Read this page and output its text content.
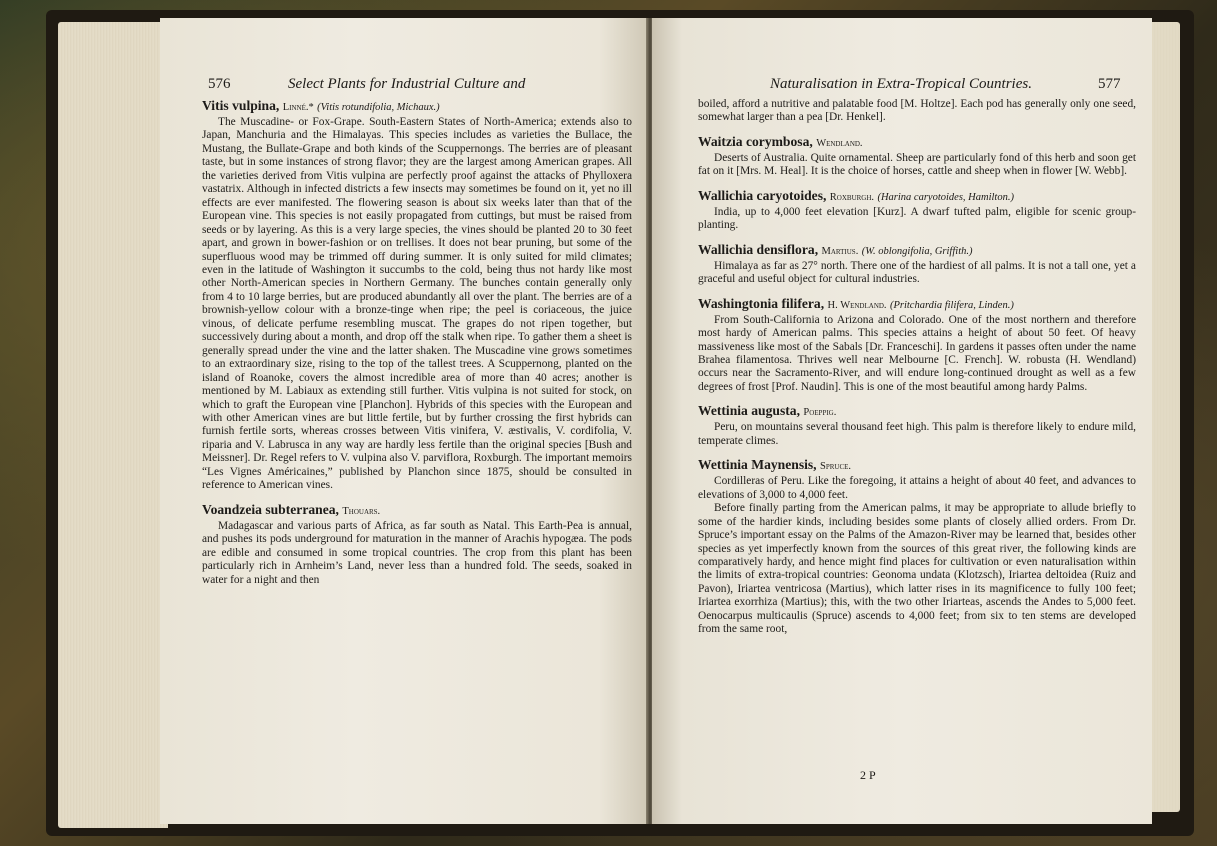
576	Select Plants for Industrial Culture and

Vitis vulpina, Linné.* (Vitis rotundifolia, Michaux.)

The Muscadine- or Fox-Grape. South-Eastern States of North-America; extends also to Japan, Manchuria and the Himalayas. This species includes as varieties the Bullace, the Mustang, the Bullate-Grape and both kinds of the Scuppernongs. The berries are of pleasant taste, but in some instances of strong flavor; they are the largest among American grapes. All the varieties derived from Vitis vulpina are perfectly proof against the attacks of Phylloxera vastatrix. Although in infected districts a few insects may sometimes be found on it, yet no ill effects are ever manifested. The flowering season is about six weeks later than that of the European vine. This species is not easily propagated from cuttings, but must be raised from seeds or by layering. As this is a very large species, the vines should be planted 20 to 30 feet apart, and grown in bower-fashion or on trellises. It does not bear pruning, but some of the superfluous wood may be trimmed off during summer. It is only suited for mild climates; even in the latitude of Washington it succumbs to the cold, being thus not hardy like most other North-American species in Northern Germany. The bunches contain generally only from 4 to 10 large berries, but are produced abundantly all over the plant. The berries are of a brownish-yellow colour with a bronze-tinge when ripe; the peel is coriaceous, the juice vinous, of delicate perfume resembling muscat. The grapes do not ripen together, but successively during about a month, and drop off the stalk when ripe. To gather them a sheet is generally spread under the vine and the latter shaken. The Muscadine vine grows sometimes to an extraordinary size, rising to the top of the tallest trees. A Scuppernong, planted on the island of Roanoke, covers the almost incredible area of more than 40 acres; another is mentioned by M. Labiaux as extending still further. Vitis vulpina is not suited for stock, on which to graft the European vine [Planchon]. Hybrids of this species with the European and with other American vines are but little fertile, but by further crossing the first hybrids can furnish fertile sorts, whereas crosses between Vitis vinifera, V. æstivalis, V. cordifolia, V. riparia and V. Labrusca in any way are hardly less fertile than the original species [Bush and Meissner]. Dr. Regel refers to V. vulpina also V. parviflora, Roxburgh. The important memoirs “Les Vignes Américaines,” published by Planchon since 1875, should be consulted in reference to American vines.

Voandzeia subterranea, Thouars.

Madagascar and various parts of Africa, as far south as Natal. This Earth-Pea is annual, and pushes its pods underground for maturation in the manner of Arachis hypogæa. The pods are edible and consumed in some tropical countries. The crop from this plant has been particularly rich in Arnheim’s Land, never less than a hundred fold. The seeds, soaked in water for a night and then

Naturalisation in Extra-Tropical Countries.	577

boiled, afford a nutritive and palatable food [M. Holtze]. Each pod has generally only one seed, somewhat larger than a pea [Dr. Henkel].

Waitzia corymbosa, Wendland.

Deserts of Australia. Quite ornamental. Sheep are particularly fond of this herb and soon get fat on it [Mrs. M. Heal]. It is the choice of horses, cattle and sheep when in flower [W. Webb].

Wallichia caryotoides, Roxburgh. (Harina caryotoides, Hamilton.)

India, up to 4,000 feet elevation [Kurz]. A dwarf tufted palm, eligible for scenic group-planting.

Wallichia densiflora, Martius. (W. oblongifolia, Griffith.)

Himalaya as far as 27° north. There one of the hardiest of all palms. It is not a tall one, yet a graceful and useful object for cultural industries.

Washingtonia filifera, H. Wendland. (Pritchardia filifera, Linden.)

From South-California to Arizona and Colorado. One of the most northern and therefore most hardy of American palms. This species attains a height of about 50 feet. Of heavy massiveness like most of the Sabals [Dr. Franceschi]. In gardens it passes often under the name Brahea filamentosa. Thrives well near Melbourne [C. French]. W. robusta (H. Wendland) occurs near the Sacramento-River, and will endure long-continued drought as well as a few degrees of frost [Prof. Naudin]. This is one of the most beautiful among hardy Palms.

Wettinia augusta, Poeppig.

Peru, on mountains several thousand feet high. This palm is therefore likely to endure mild, temperate climes.

Wettinia Maynensis, Spruce.

Cordilleras of Peru. Like the foregoing, it attains a height of about 40 feet, and advances to elevations of 3,000 to 4,000 feet.

Before finally parting from the American palms, it may be appropriate to allude briefly to some of the hardier kinds, including besides some plants of closely allied orders. From Dr. Spruce’s important essay on the Palms of the Amazon-River may be learned that, besides other species as yet imperfectly known from the sources of this great river, the following kinds are comparatively hardy, and hence might find places for cultivation or even naturalisation within the limits of extra-tropical countries: Geonoma undata (Klotzsch), Iriartea deltoidea (Ruiz and Pavon), Iriartea ventricosa (Martius), which latter rises in its magnificence to fully 100 feet; Iriartea exorrhiza (Martius); this, with the two other Iriarteas, ascends the Andes to 5,000 feet. Oenocarpus multicaulis (Spruce) ascends to 4,000 feet; from six to ten stems are developed from the same root,

2 P
